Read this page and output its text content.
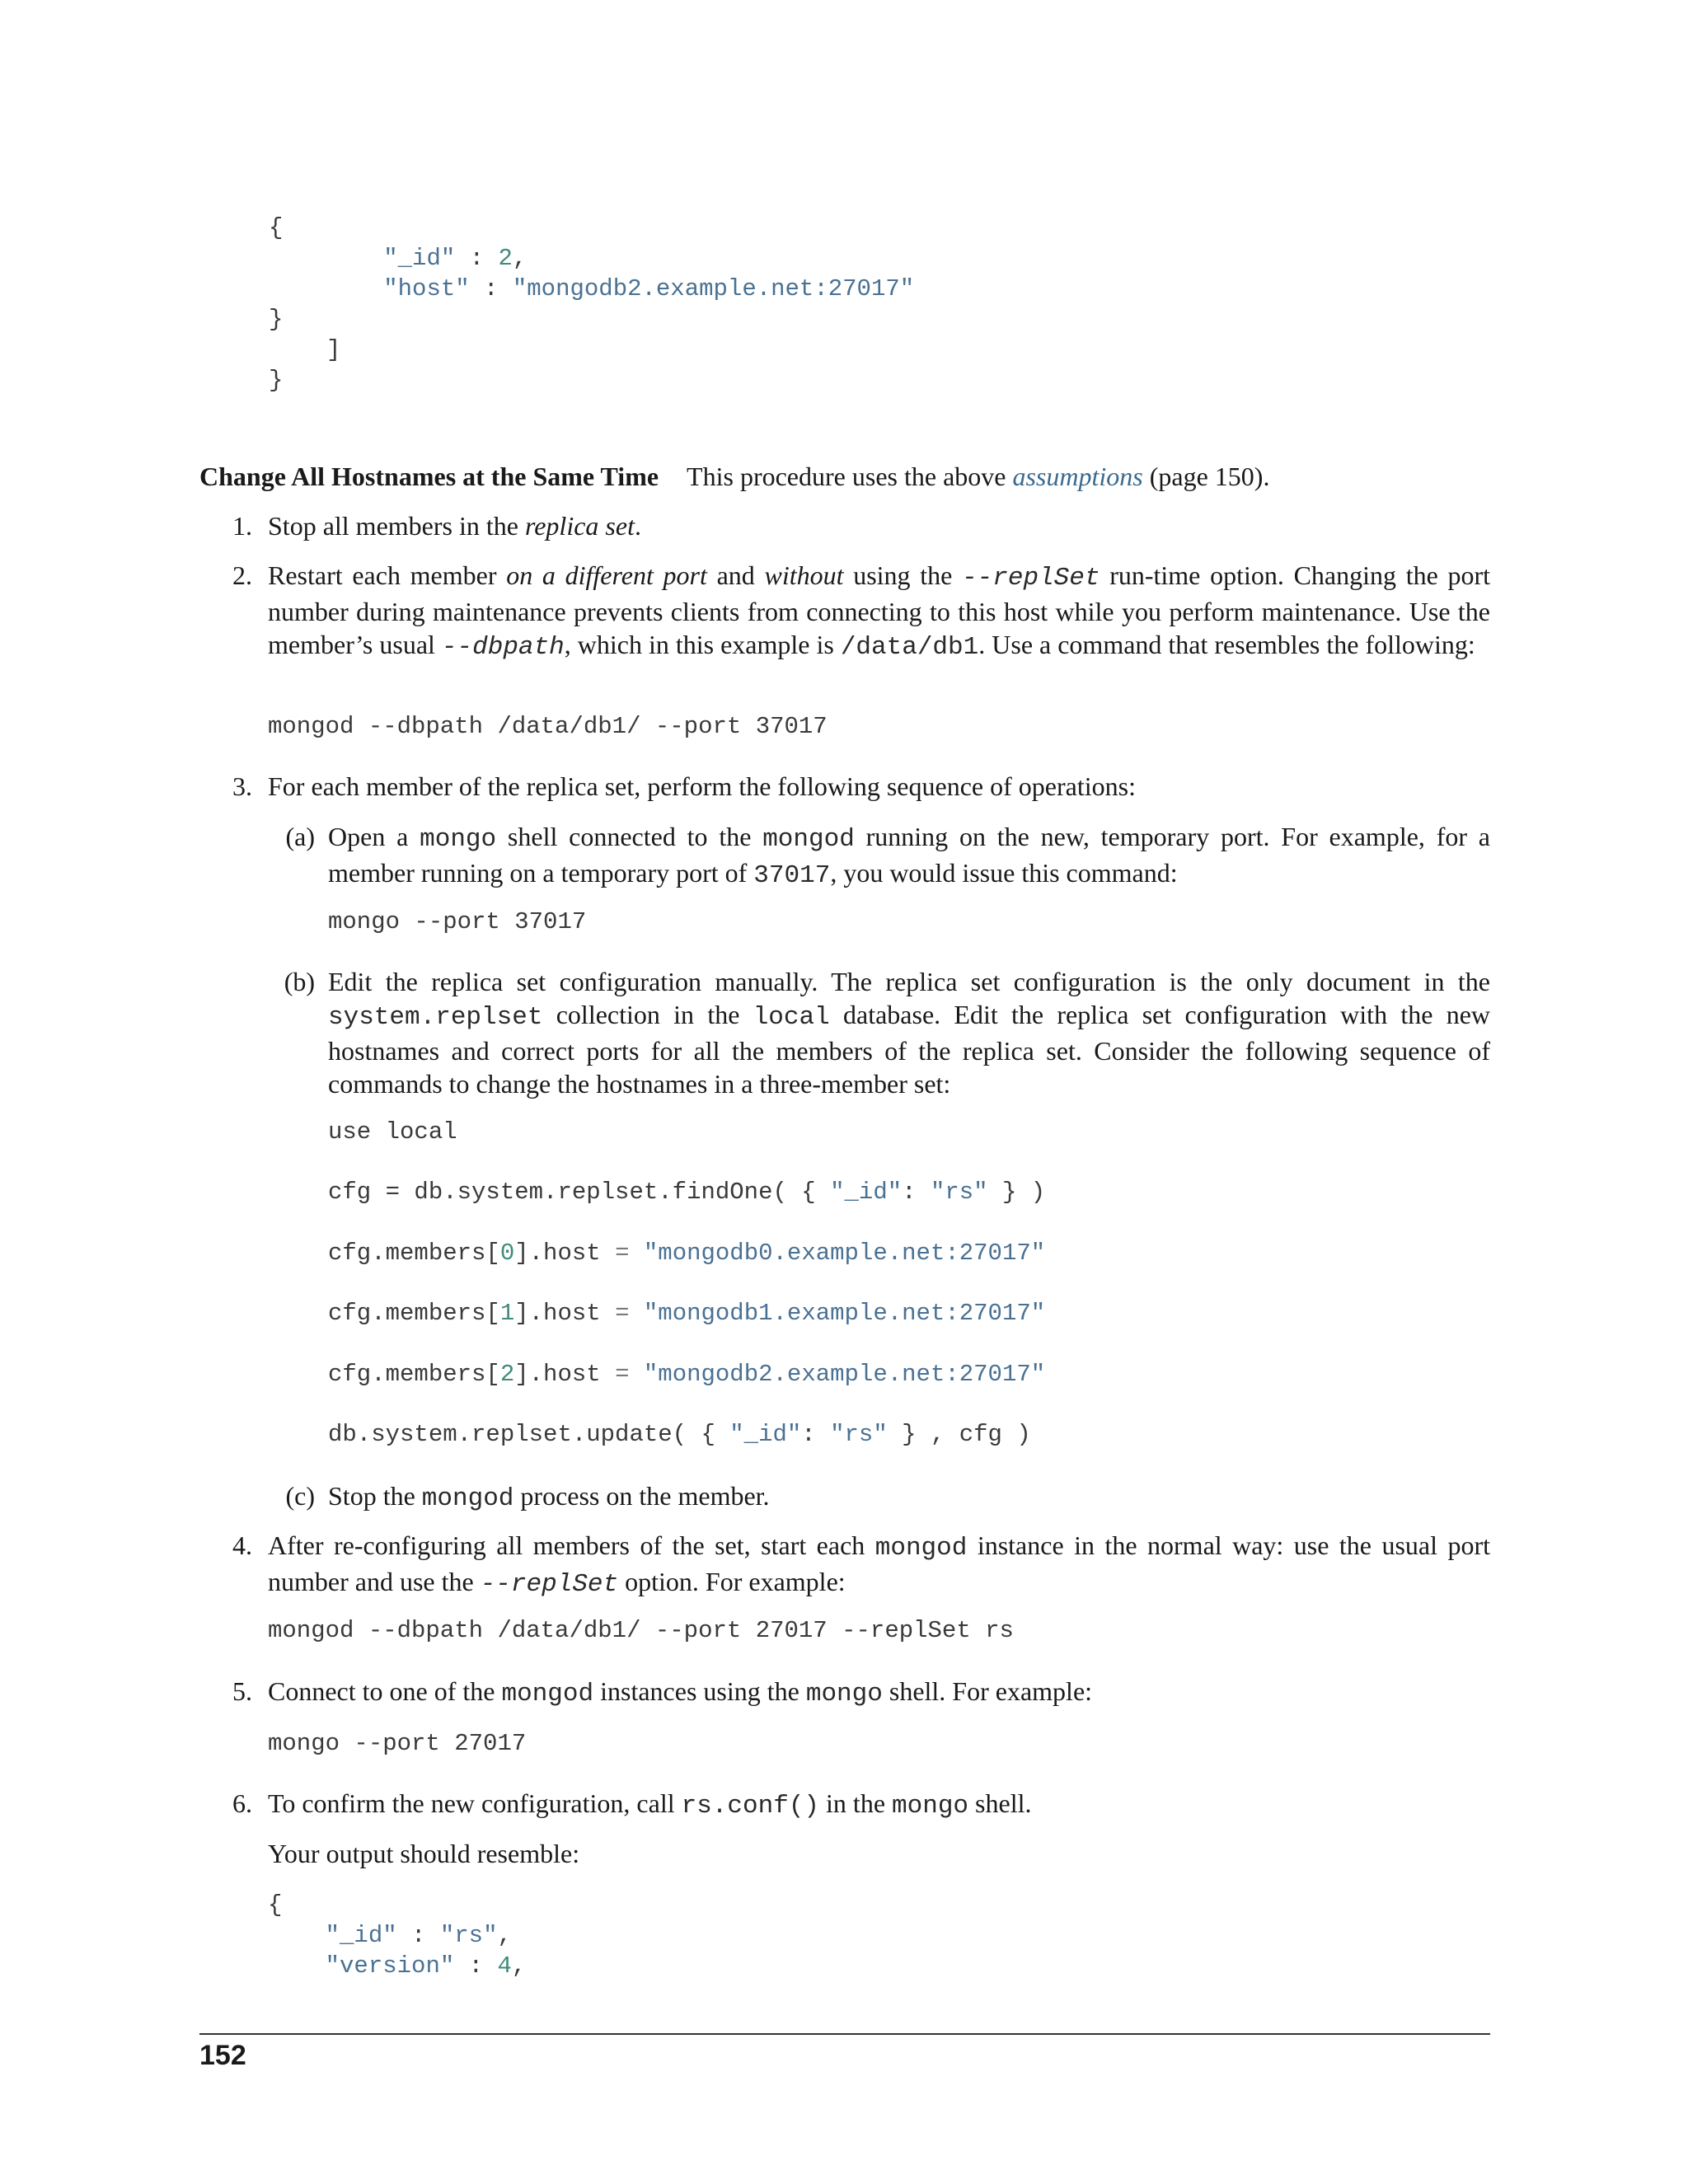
{
"_id" : 2,
"host" : "mongodb2.example.net:27017"
}
]
}

Change All Hostnames at the Same Time This procedure uses the above assumptions (page 150).

1. Stop all members in the replica set.

2. Restart each member on a different port and without using the --replSet run-time option. Changing the port number during maintenance prevents clients from connecting to this host while you perform maintenance. Use the member’s usual --dbpath, which in this example is /data/db1. Use a command that resembles the following:

mongod --dbpath /data/db1/ --port 37017
3. For each member of the replica set, perform the following sequence of operations:

(a) Open a mongo shell connected to the mongod running on the new, temporary port. For example, for a member running on a temporary port of 37017, you would issue this command:

mongo --port 37017
(b) Edit the replica set configuration manually. The replica set configuration is the only document in the system.replset collection in the local database. Edit the replica set configuration with the new hostnames and correct ports for all the members of the replica set. Consider the following sequence of commands to change the hostnames in a three-member set:

use local
cfg = db.system.replset.findOne( { "_id": "rs" } )
cfg.members[0].host = "mongodb0.example.net:27017"
cfg.members[1].host = "mongodb1.example.net:27017"
cfg.members[2].host = "mongodb2.example.net:27017"
db.system.replset.update( { "_id": "rs" } , cfg )
(c) Stop the mongod process on the member.

4. After re-configuring all members of the set, start each mongod instance in the normal way: use the usual port number and use the --replSet option. For example:

mongod --dbpath /data/db1/ --port 27017 --replSet rs
5. Connect to one of the mongod instances using the mongo shell. For example:

mongo --port 27017
6. To confirm the new configuration, call rs.conf() in the mongo shell.

Your output should resemble:

{
"_id" : "rs",
"version" : 4,
152
